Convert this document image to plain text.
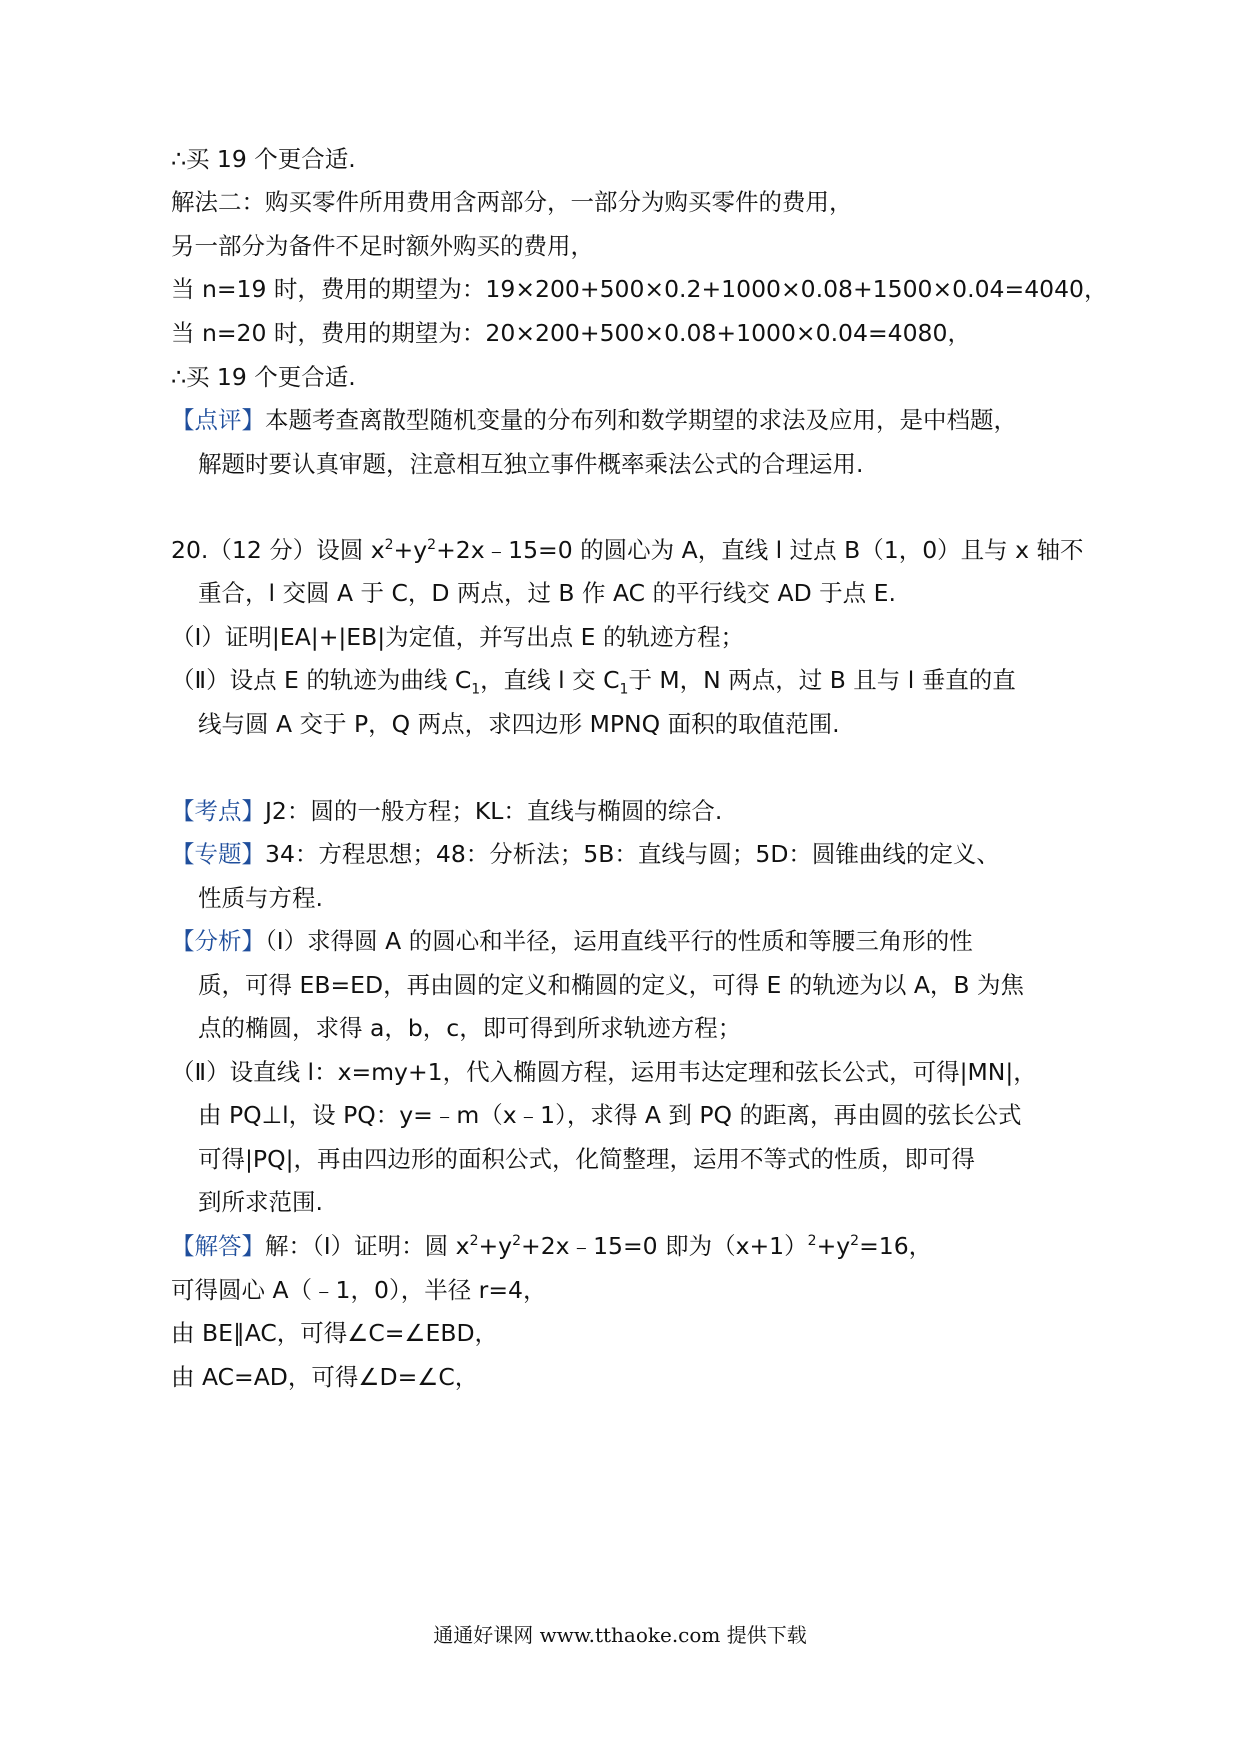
∴买 19 个更合适.
解法二：购买零件所用费用含两部分，一部分为购买零件的费用，
另一部分为备件不足时额外购买的费用，
当 n=19 时，费用的期望为：19×200+500×0.2+1000×0.08+1500×0.04=4040，
当 n=20 时，费用的期望为：20×200+500×0.08+1000×0.04=4080，
∴买 19 个更合适.
【点评】本题考查离散型随机变量的分布列和数学期望的求法及应用，是中档题，
解题时要认真审题，注意相互独立事件概率乘法公式的合理运用.
20.（12 分）设圆 $x^2+y^2+2x﹣15=0$ 的圆心为 A，直线 l 过点 B（1，0）且与 x 轴不
重合，l 交圆 A 于 C，D 两点，过 B 作 AC 的平行线交 AD 于点 E.
（Ⅰ）证明|EA|+|EB|为定值，并写出点 E 的轨迹方程；
（Ⅱ）设点 E 的轨迹为曲线 $C_1$，直线 l 交 $C_1$于 M，N 两点，过 B 且与 l 垂直的直
线与圆 A 交于 P，Q 两点，求四边形 MPNQ 面积的取值范围.
【考点】J2：圆的一般方程；KL：直线与椭圆的综合.
【专题】34：方程思想；48：分析法；5B：直线与圆；5D：圆锥曲线的定义、
性质与方程.
【分析】（Ⅰ）求得圆 A 的圆心和半径，运用直线平行的性质和等腰三角形的性
质，可得 EB=ED，再由圆的定义和椭圆的定义，可得 E 的轨迹为以 A，B 为焦
点的椭圆，求得 a，b，c，即可得到所求轨迹方程；
（Ⅱ）设直线 l：x=my+1，代入椭圆方程，运用韦达定理和弦长公式，可得|MN|，
由 PQ⊥l，设 PQ：y=﹣m（x﹣1），求得 A 到 PQ 的距离，再由圆的弦长公式
可得|PQ|，再由四边形的面积公式，化简整理，运用不等式的性质，即可得
到所求范围.
【解答】解：（Ⅰ）证明：圆 $x^2+y^2+2x﹣15=0$ 即为$(x+1)^2+y^2=16$，
可得圆心 A（﹣1，0），半径 r=4，
由 BE∥AC，可得∠C=∠EBD，
由 AC=AD，可得∠D=∠C，
通通好课网 www.tthaoke.com 提供下载
